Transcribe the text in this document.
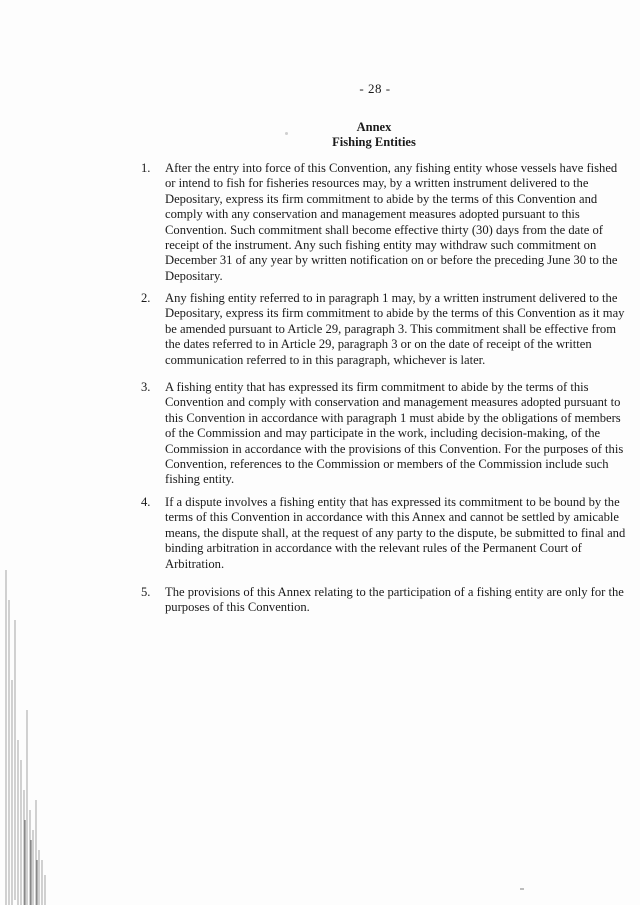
- 28 -
Annex
Fishing Entities
1. After the entry into force of this Convention, any fishing entity whose vessels have fished or intend to fish for fisheries resources may, by a written instrument delivered to the Depositary, express its firm commitment to abide by the terms of this Convention and comply with any conservation and management measures adopted pursuant to this Convention. Such commitment shall become effective thirty (30) days from the date of receipt of the instrument. Any such fishing entity may withdraw such commitment on December 31 of any year by written notification on or before the preceding June 30 to the Depositary.
2. Any fishing entity referred to in paragraph 1 may, by a written instrument delivered to the Depositary, express its firm commitment to abide by the terms of this Convention as it may be amended pursuant to Article 29, paragraph 3. This commitment shall be effective from the dates referred to in Article 29, paragraph 3 or on the date of receipt of the written communication referred to in this paragraph, whichever is later.
3. A fishing entity that has expressed its firm commitment to abide by the terms of this Convention and comply with conservation and management measures adopted pursuant to this Convention in accordance with paragraph 1 must abide by the obligations of members of the Commission and may participate in the work, including decision-making, of the Commission in accordance with the provisions of this Convention. For the purposes of this Convention, references to the Commission or members of the Commission include such fishing entity.
4. If a dispute involves a fishing entity that has expressed its commitment to be bound by the terms of this Convention in accordance with this Annex and cannot be settled by amicable means, the dispute shall, at the request of any party to the dispute, be submitted to final and binding arbitration in accordance with the relevant rules of the Permanent Court of Arbitration.
5. The provisions of this Annex relating to the participation of a fishing entity are only for the purposes of this Convention.
